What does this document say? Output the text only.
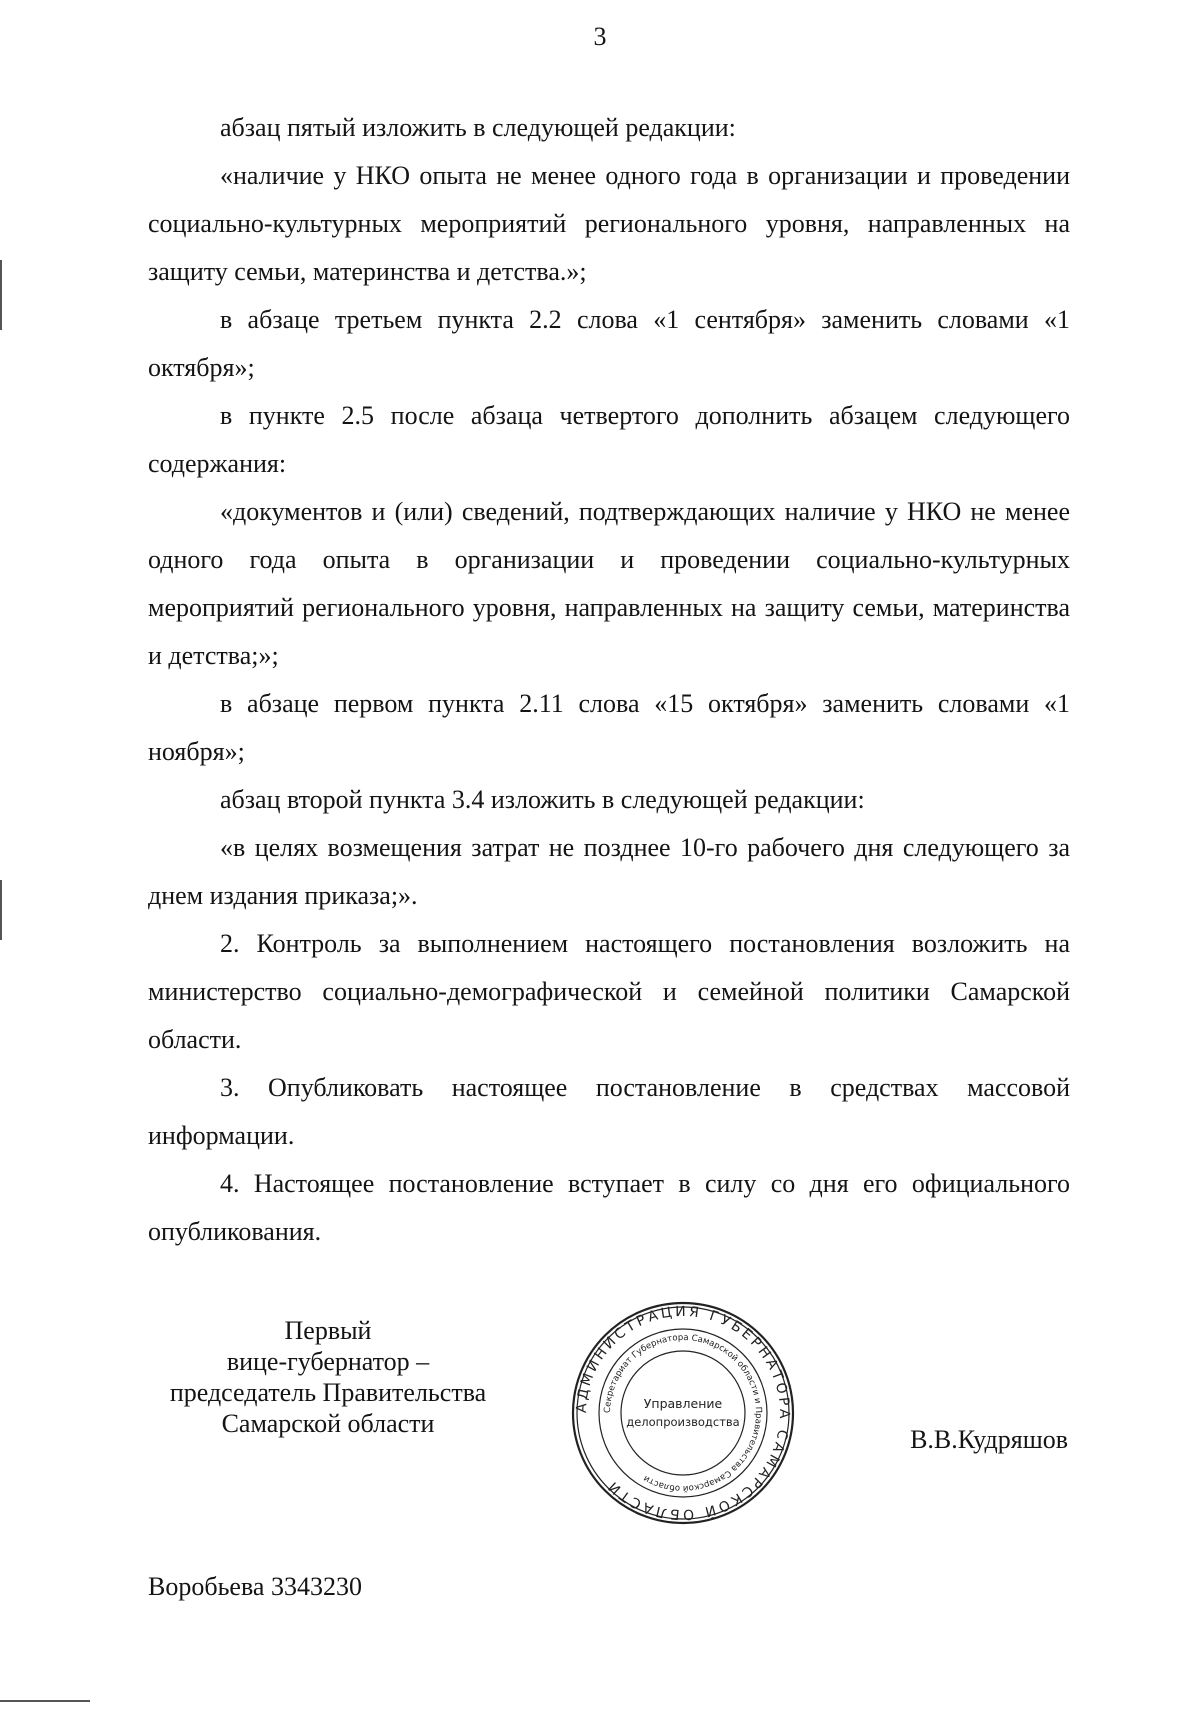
3

абзац пятый изложить в следующей редакции:

«наличие у НКО опыта не менее одного года в организации и проведении социально-культурных мероприятий регионального уровня, направленных на защиту семьи, материнства и детства.»;

в абзаце третьем пункта 2.2 слова «1 сентября» заменить словами «1 октября»;

в пункте 2.5 после абзаца четвертого дополнить абзацем следующего содержания:

«документов и (или) сведений, подтверждающих наличие у НКО не менее одного года опыта в организации и проведении социально-культурных мероприятий регионального уровня, направленных на защиту семьи, материнства и детства;»;

в абзаце первом пункта 2.11 слова «15 октября» заменить словами «1 ноября»;

абзац второй пункта 3.4 изложить в следующей редакции:

«в целях возмещения затрат не позднее 10-го рабочего дня следующего за днем издания приказа;».

2. Контроль за выполнением настоящего постановления возложить на министерство социально-демографической и семейной политики Самарской области.

3. Опубликовать настоящее постановление в средствах массовой информации.

4. Настоящее постановление вступает в силу со дня его официального опубликования.

Первый
вице-губернатор –
председатель Правительства
Самарской области
АДМИНИСТРАЦИЯ ГУБЕРНАТОРА САМАРСКОЙ ОБЛАСТИ
Секретариат Губернатора Самарской области и Правительства Самарской области
Управление
делопроизводства
В.В.Кудряшов
Воробьева 3343230
